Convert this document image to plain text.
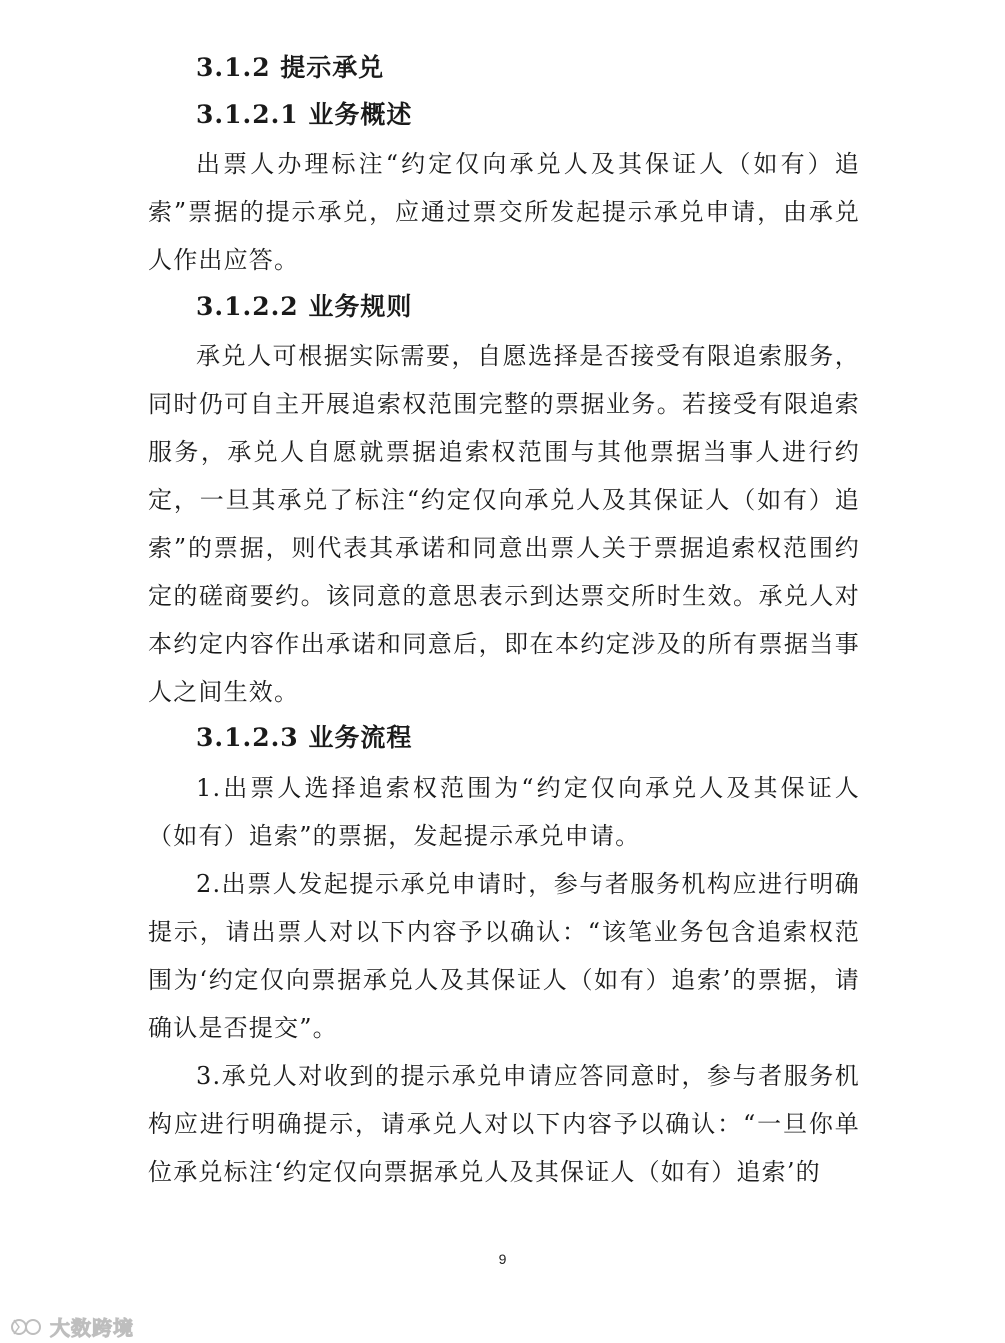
3.1.2 提示承兑
3.1.2.1 业务概述

出票人办理标注“约定仅向承兑人及其保证人（如有）追索”票据的提示承兑，应通过票交所发起提示承兑申请，由承兑人作出应答。

3.1.2.2 业务规则

承兑人可根据实际需要，自愿选择是否接受有限追索服务，同时仍可自主开展追索权范围完整的票据业务。若接受有限追索服务，承兑人自愿就票据追索权范围与其他票据当事人进行约定，一旦其承兑了标注“约定仅向承兑人及其保证人（如有）追索”的票据，则代表其承诺和同意出票人关于票据追索权范围约定的磋商要约。该同意的意思表示到达票交所时生效。承兑人对本约定内容作出承诺和同意后，即在本约定涉及的所有票据当事人之间生效。

3.1.2.3 业务流程

1.出票人选择追索权范围为“约定仅向承兑人及其保证人（如有）追索”的票据，发起提示承兑申请。

2.出票人发起提示承兑申请时，参与者服务机构应进行明确提示，请出票人对以下内容予以确认：“该笔业务包含追索权范围为‘约定仅向票据承兑人及其保证人（如有）追索’的票据，请确认是否提交”。

3.承兑人对收到的提示承兑申请应答同意时，参与者服务机构应进行明确提示，请承兑人对以下内容予以确认：“一旦你单位承兑标注‘约定仅向票据承兑人及其保证人（如有）追索’的

9
大数跨境
